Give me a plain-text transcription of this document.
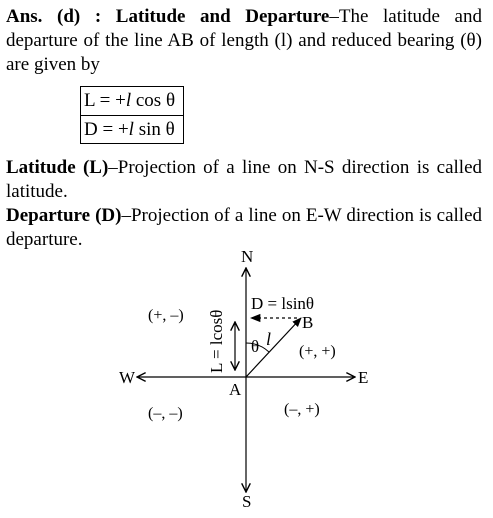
Ans. (d) : Latitude and Departure–The latitude and departure of the line AB of length (l) and reduced bearing (θ) are given by

L = +l cos θ
D = +l sin θ

Latitude (L)–Projection of a line on N-S direction is called latitude.

Departure (D)–Projection of a line on E-W direction is called departure.

N
S
E
W
A
B
θ l
D = lsinθ
L = lcosθ	(+, +)
(+, –)
(–, –)	(–, +)
